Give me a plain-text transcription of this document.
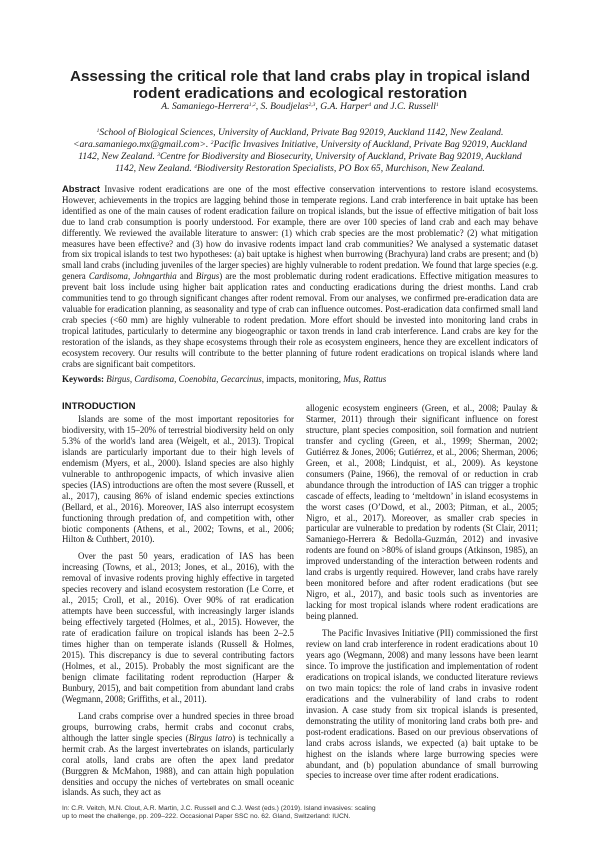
Assessing the critical role that land crabs play in tropical island rodent eradications and ecological restoration
A. Samaniego-Herrera$^{1,2}$, S. Boudjelas$^{2,3}$, G.A. Harper$^4$ and J.C. Russell$^1$
$^1$School of Biological Sciences, University of Auckland, Private Bag 92019, Auckland 1142, New Zealand. <ara.samaniego.mx@gmail.com>. $^2$Pacific Invasives Initiative, University of Auckland, Private Bag 92019, Auckland 1142, New Zealand. $^3$Centre for Biodiversity and Biosecurity, University of Auckland, Private Bag 92019, Auckland 1142, New Zealand. $^4$Biodiversity Restoration Specialists, PO Box 65, Murchison, New Zealand.
Abstract Invasive rodent eradications are one of the most effective conservation interventions to restore island ecosystems. However, achievements in the tropics are lagging behind those in temperate regions. Land crab interference in bait uptake has been identified as one of the main causes of rodent eradication failure on tropical islands, but the issue of effective mitigation of bait loss due to land crab consumption is poorly understood. For example, there are over 100 species of land crab and each may behave differently. We reviewed the available literature to answer: (1) which crab species are the most problematic? (2) what mitigation measures have been effective? and (3) how do invasive rodents impact land crab communities? We analysed a systematic dataset from six tropical islands to test two hypotheses: (a) bait uptake is highest when burrowing (Brachyura) land crabs are present; and (b) small land crabs (including juveniles of the larger species) are highly vulnerable to rodent predation. We found that large species (e.g. genera Cardisoma, Johngarthia and Birgus) are the most problematic during rodent eradications. Effective mitigation measures to prevent bait loss include using higher bait application rates and conducting eradications during the driest months. Land crab communities tend to go through significant changes after rodent removal. From our analyses, we confirmed pre-eradication data are valuable for eradication planning, as seasonality and type of crab can influence outcomes. Post-eradication data confirmed small land crab species (<60 mm) are highly vulnerable to rodent predation. More effort should be invested into monitoring land crabs in tropical latitudes, particularly to determine any biogeographic or taxon trends in land crab interference. Land crabs are key for the restoration of the islands, as they shape ecosystems through their role as ecosystem engineers, hence they are excellent indicators of ecosystem recovery. Our results will contribute to the better planning of future rodent eradications on tropical islands where land crabs are significant bait competitors.
Keywords: Birgus, Cardisoma, Coenobita, Gecarcinus, impacts, monitoring, Mus, Rattus
INTRODUCTION

Islands are some of the most important repositories for biodiversity, with 15–20% of terrestrial biodiversity held on only 5.3% of the world's land area (Weigelt, et al., 2013). Tropical islands are particularly important due to their high levels of endemism (Myers, et al., 2000). Island species are also highly vulnerable to anthropogenic impacts, of which invasive alien species (IAS) introductions are often the most severe (Russell, et al., 2017), causing 86% of island endemic species extinctions (Bellard, et al., 2016). Moreover, IAS also interrupt ecosystem functioning through predation of, and competition with, other biotic components (Athens, et al., 2002; Towns, et al., 2006; Hilton & Cuthbert, 2010).

Over the past 50 years, eradication of IAS has been increasing (Towns, et al., 2013; Jones, et al., 2016), with the removal of invasive rodents proving highly effective in targeted species recovery and island ecosystem restoration (Le Corre, et al., 2015; Croll, et al., 2016). Over 90% of rat eradication attempts have been successful, with increasingly larger islands being effectively targeted (Holmes, et al., 2015). However, the rate of eradication failure on tropical islands has been 2–2.5 times higher than on temperate islands (Russell & Holmes, 2015). This discrepancy is due to several contributing factors (Holmes, et al., 2015). Probably the most significant are the benign climate facilitating rodent reproduction (Harper & Bunbury, 2015), and bait competition from abundant land crabs (Wegmann, 2008; Griffiths, et al., 2011).

Land crabs comprise over a hundred species in three broad groups, burrowing crabs, hermit crabs and coconut crabs, although the latter single species (Birgus latro) is technically a hermit crab. As the largest invertebrates on islands, particularly coral atolls, land crabs are often the apex land predator (Burggren & McMahon, 1988), and can attain high population densities and occupy the niches of vertebrates on small oceanic islands. As such, they act as

allogenic ecosystem engineers (Green, et al., 2008; Paulay & Starmer, 2011) through their significant influence on forest structure, plant species composition, soil formation and nutrient transfer and cycling (Green, et al., 1999; Sherman, 2002; Gutiérrez & Jones, 2006; Gutiérrez, et al., 2006; Sherman, 2006; Green, et al., 2008; Lindquist, et al., 2009). As keystone consumers (Paine, 1966), the removal of or reduction in crab abundance through the introduction of IAS can trigger a trophic cascade of effects, leading to ‘meltdown’ in island ecosystems in the worst cases (O’Dowd, et al., 2003; Pitman, et al., 2005; Nigro, et al., 2017). Moreover, as smaller crab species in particular are vulnerable to predation by rodents (St Clair, 2011; Samaniego-Herrera & Bedolla-Guzmán, 2012) and invasive rodents are found on >80% of island groups (Atkinson, 1985), an improved understanding of the interaction between rodents and land crabs is urgently required. However, land crabs have rarely been monitored before and after rodent eradications (but see Nigro, et al., 2017), and basic tools such as inventories are lacking for most tropical islands where rodent eradications are being planned.

The Pacific Invasives Initiative (PII) commissioned the first review on land crab interference in rodent eradications about 10 years ago (Wegmann, 2008) and many lessons have been learnt since. To improve the justification and implementation of rodent eradications on tropical islands, we conducted literature reviews on two main topics: the role of land crabs in invasive rodent eradications and the vulnerability of land crabs to rodent invasion. A case study from six tropical islands is presented, demonstrating the utility of monitoring land crabs both pre- and post-rodent eradications. Based on our previous observations of land crabs across islands, we expected (a) bait uptake to be highest on the islands where large burrowing species were abundant, and (b) population abundance of small burrowing species to increase over time after rodent eradications.

In: C.R. Veitch, M.N. Clout, A.R. Martin, J.C. Russell and C.J. West (eds.) (2019). Island invasives: scaling
up to meet the challenge, pp. 209–222. Occasional Paper SSC no. 62. Gland, Switzerland: IUCN.
